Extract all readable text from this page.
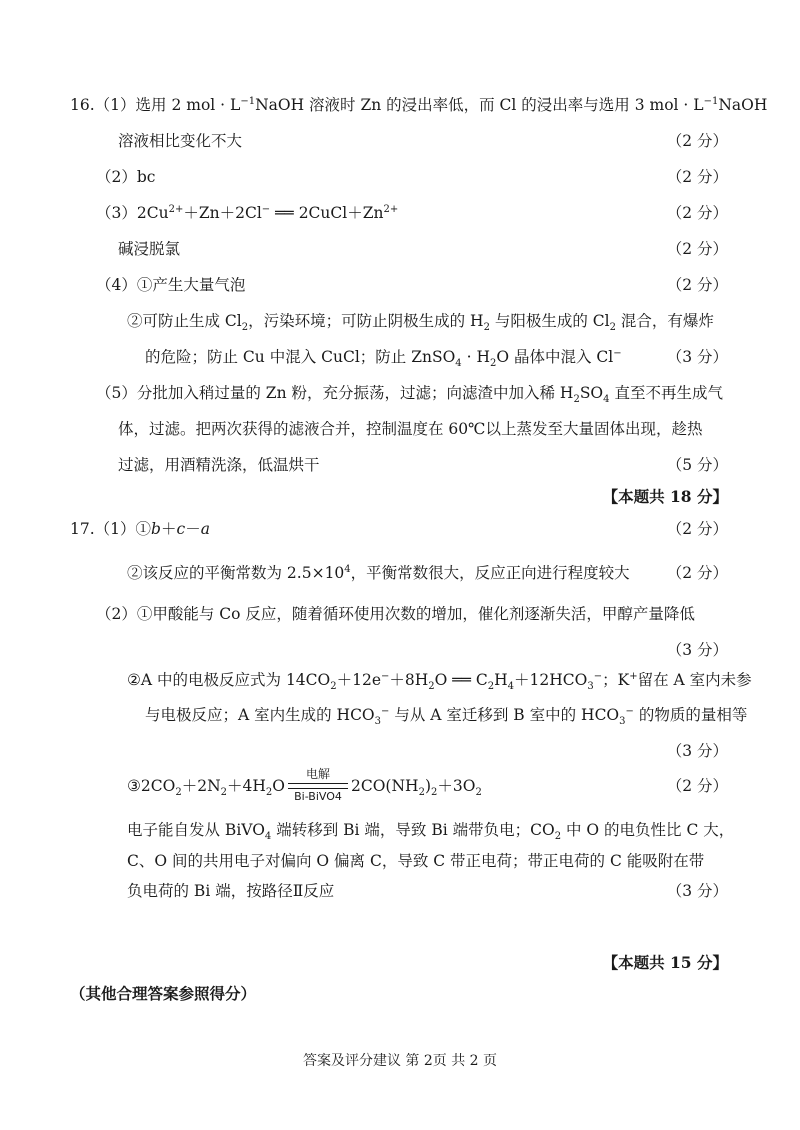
16.（1）选用 2 mol · $L^{-1}NaOH$ 溶液时 Zn 的浸出率低，而 Cl 的浸出率与选用 3 mol · $L^{-1}NaOH$
溶液相比变化不大	（2 分）
（2）bc	（2 分）
$(3)2Cu^{2+}+Zn+2Cl^-$ ══ $2CuCl+Zn^{2+}$	（2 分）
碱浸脱氯	（2 分）
（4）①产生大量气泡	（2 分）
②可防止生成 $Cl_2$，污染环境；可防止阴极生成的 $H_2$ 与阳极生成的 $Cl_2$ 混合，有爆炸
的危险；防止 Cu 中混入 CuCl；防止 ZnSO$_4$ · $H_2O$ 晶体中混入 Cl−	（3 分）
（5）分批加入稍过量的 Zn 粉，充分振荡，过滤；向滤渣中加入稀 $H_2SO_4$ 直至不再生成气
体，过滤。把两次获得的滤液合并，控制温度在 60℃以上蒸发至大量固体出现，趁热
过滤，用酒精洗涤，低温烘干	（5 分）
【本题共 18 分】
17.（1）①b＋c－a	（2 分）
②该反应的平衡常数为 $2.5\times 10^4$，平衡常数很大，反应正向进行程度较大 （2 分）
（2）①甲酸能与 Co 反应，随着循环使用次数的增加，催化剂逐渐失活，甲醇产量降低
（3 分）
②A 中的电极反应式为 $14CO_2+12e^-+8H_2O$ ══ $C_2H_4+12HCO_3^-$；K+留在 A 室内未参
与电极反应；A 室内生成的 $HCO_3^-$ 与从 A 室迁移到 B 室中的 $HCO_3^-$ 的物质的量相等
（3 分）
$③2CO_2+2N_2+4H_2O$
电解
Bi-BiVO4
$2CO(NH_2)_2+3O_2$	（2 分）
电子能自发从 BiVO$_4$ 端转移到 Bi 端，导致 Bi 端带负电；$CO_2$ 中 O 的电负性比 C 大，
C、O 间的共用电子对偏向 O 偏离 C，导致 C 带正电荷；带正电荷的 C 能吸附在带
负电荷的 Bi 端，按路径Ⅱ反应	（3 分）
【本题共 15 分】
（其他合理答案参照得分）
答案及评分建议 第 2页 共 2 页
